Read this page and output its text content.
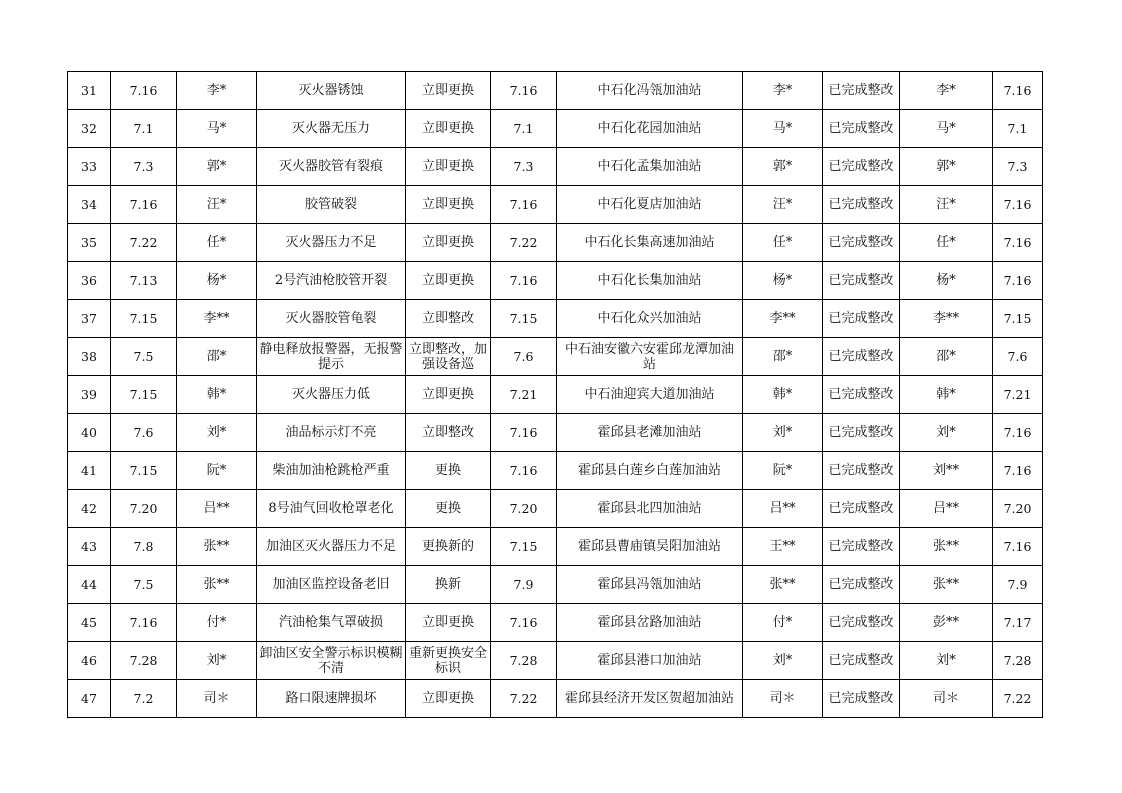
31	7.16	李*	灭火器锈蚀	立即更换	7.16	中石化冯瓴加油站	李*	已完成整改	李*	7.16
32	7.1	马*	灭火器无压力	立即更换	7.1	中石化花园加油站	马*	已完成整改	马*	7.1
33	7.3	郭*	灭火器胶管有裂痕	立即更换	7.3	中石化孟集加油站	郭*	已完成整改	郭*	7.3
34	7.16	汪*	胶管破裂	立即更换	7.16	中石化夏店加油站	汪*	已完成整改	汪*	7.16
35	7.22	任*	灭火器压力不足	立即更换	7.22	中石化长集高速加油站	任*	已完成整改	任*	7.16
36	7.13	杨*	2号汽油枪胶管开裂	立即更换	7.16	中石化长集加油站	杨*	已完成整改	杨*	7.16
37	7.15	李**	灭火器胶管龟裂	立即整改	7.15	中石化众兴加油站	李**	已完成整改	李**	7.15
38	7.5	邵*	静电释放报警器，无报警提示	立即整改，加强设备巡	7.6	中石油安徽六安霍邱龙潭加油站	邵*	已完成整改	邵*	7.6
39	7.15	韩*	灭火器压力低	立即更换	7.21	中石油迎宾大道加油站	韩*	已完成整改	韩*	7.21
40	7.6	刘*	油品标示灯不亮	立即整改	7.16	霍邱县老滩加油站	刘*	已完成整改	刘*	7.16
41	7.15	阮*	柴油加油枪跳枪严重	更换	7.16	霍邱县白莲乡白莲加油站	阮*	已完成整改	刘**	7.16
42	7.20	吕**	8号油气回收枪罩老化	更换	7.20	霍邱县北四加油站	吕**	已完成整改	吕**	7.20
43	7.8	张**	加油区灭火器压力不足	更换新的	7.15	霍邱县曹庙镇吴阳加油站	王**	已完成整改	张**	7.16
44	7.5	张**	加油区监控设备老旧	换新	7.9	霍邱县冯瓴加油站	张**	已完成整改	张**	7.9
45	7.16	付*	汽油枪集气罩破损	立即更换	7.16	霍邱县岔路加油站	付*	已完成整改	彭**	7.17
46	7.28	刘*	卸油区安全警示标识模糊不清	重新更换安全标识	7.28	霍邱县港口加油站	刘*	已完成整改	刘*	7.28
47	7.2	司＊	路口限速牌损坏	立即更换	7.22	霍邱县经济开发区贺超加油站	司＊	已完成整改	司＊	7.22
